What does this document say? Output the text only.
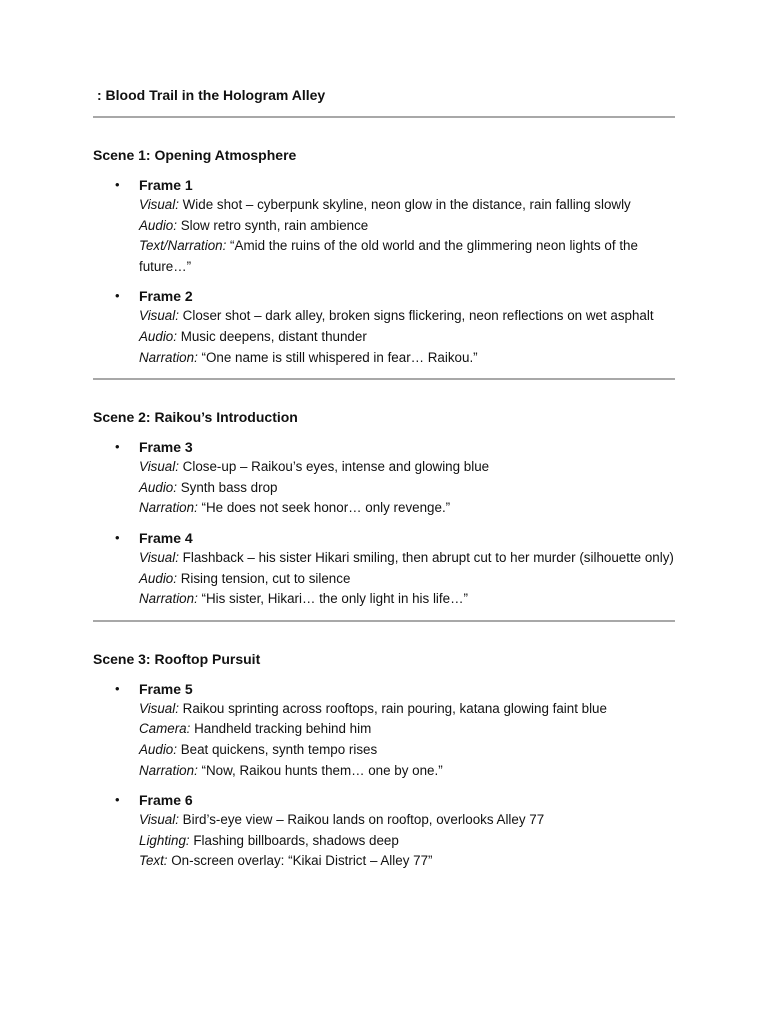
: Blood Trail in the Hologram Alley
Scene 1: Opening Atmosphere
• Frame 1
Visual: Wide shot – cyberpunk skyline, neon glow in the distance, rain falling slowly
Audio: Slow retro synth, rain ambience
Text/Narration: “Amid the ruins of the old world and the glimmering neon lights of the future…”
• Frame 2
Visual: Closer shot – dark alley, broken signs flickering, neon reflections on wet asphalt
Audio: Music deepens, distant thunder
Narration: “One name is still whispered in fear… Raikou.”
Scene 2: Raikou’s Introduction
• Frame 3
Visual: Close-up – Raikou’s eyes, intense and glowing blue
Audio: Synth bass drop
Narration: “He does not seek honor… only revenge.”
• Frame 4
Visual: Flashback – his sister Hikari smiling, then abrupt cut to her murder (silhouette only)
Audio: Rising tension, cut to silence
Narration: “His sister, Hikari… the only light in his life…”
Scene 3: Rooftop Pursuit
• Frame 5
Visual: Raikou sprinting across rooftops, rain pouring, katana glowing faint blue
Camera: Handheld tracking behind him
Audio: Beat quickens, synth tempo rises
Narration: “Now, Raikou hunts them… one by one.”
• Frame 6
Visual: Bird’s-eye view – Raikou lands on rooftop, overlooks Alley 77
Lighting: Flashing billboards, shadows deep
Text: On-screen overlay: “Kikai District – Alley 77”
